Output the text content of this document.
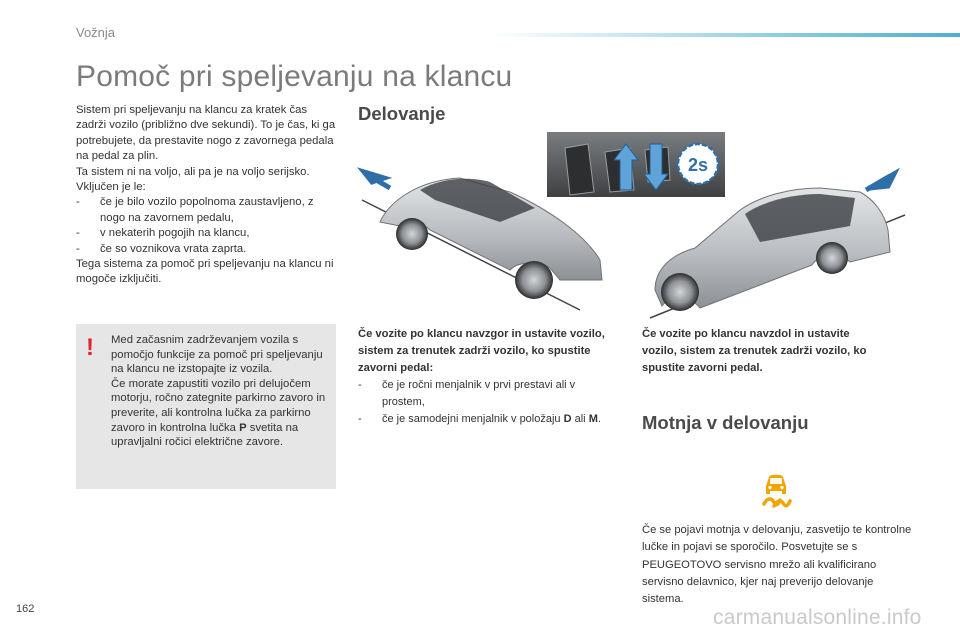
Vožnja
Pomoč pri speljevanju na klancu

Sistem pri speljevanju na klancu za kratek čas zadrži vozilo (približno dve sekundi). To je čas, ki ga potrebujete, da prestavite nogo z zavornega pedala na pedal za plin.

Ta sistem ni na voljo, ali pa je na voljo serijsko.

Vključen je le:

-	če je bilo vozilo popolnoma zaustavljeno, z nogo na zavornem pedalu,
-	v nekaterih pogojih na klancu,
-	če so voznikova vrata zaprta.

Tega sistema za pomoč pri speljevanju na klancu ni mogoče izključiti.

! Med začasnim zadrževanjem vozila s pomočjo funkcije za pomoč pri speljevanju na klancu ne izstopajte iz vozila.

Če morate zapustiti vozilo pri delujočem motorju, ročno zategnite parkirno zavoro in preverite, ali kontrolna lučka za parkirno zavoro in kontrolna lučka P svetita na upravljalni ročici električne zavore.

Delovanje
2s
Če vozite po klancu navzgor in ustavite vozilo, sistem za trenutek zadrži vozilo, ko spustite zavorni pedal:
-	če je ročni menjalnik v prvi prestavi ali v prostem,
-	če je samodejni menjalnik v položaju D ali M.
Če vozite po klancu navzdol in ustavite vozilo, sistem za trenutek zadrži vozilo, ko spustite zavorni pedal.
Motnja v delovanju
Če se pojavi motnja v delovanju, zasvetijo te kontrolne lučke in pojavi se sporočilo. Posvetujte se s PEUGEOTOVO servisno mrežo ali kvalificirano servisno delavnico, kjer naj preverijo delovanje sistema.
162	carmanualsonline.info
